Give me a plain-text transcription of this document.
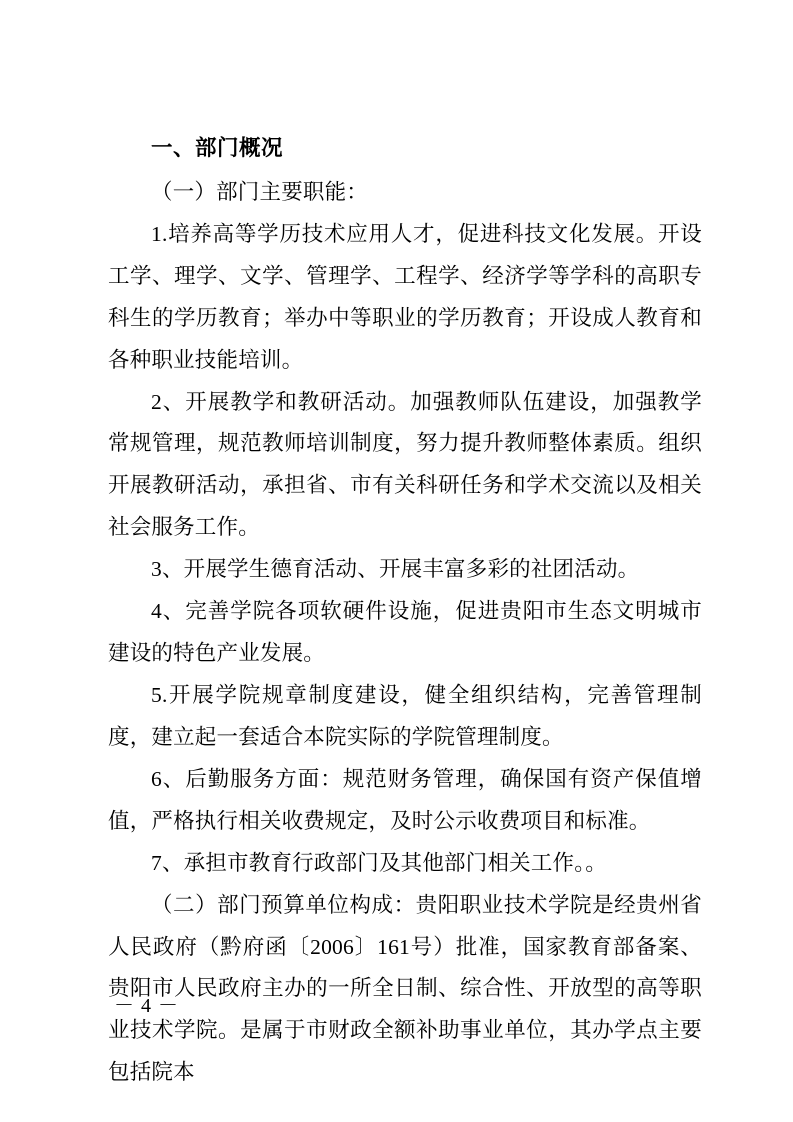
一、部门概况

（一）部门主要职能：

1.培养高等学历技术应用人才，促进科技文化发展。开设工学、理学、文学、管理学、工程学、经济学等学科的高职专科生的学历教育；举办中等职业的学历教育；开设成人教育和各种职业技能培训。

2、开展教学和教研活动。加强教师队伍建设，加强教学常规管理，规范教师培训制度，努力提升教师整体素质。组织开展教研活动，承担省、市有关科研任务和学术交流以及相关社会服务工作。

3、开展学生德育活动、开展丰富多彩的社团活动。

4、完善学院各项软硬件设施，促进贵阳市生态文明城市建设的特色产业发展。

5.开展学院规章制度建设，健全组织结构，完善管理制度，建立起一套适合本院实际的学院管理制度。

6、后勤服务方面：规范财务管理，确保国有资产保值增值，严格执行相关收费规定，及时公示收费项目和标准。

7、承担市教育行政部门及其他部门相关工作。。

（二）部门预算单位构成：贵阳职业技术学院是经贵州省人民政府（黔府函〔2006〕161号）批准，国家教育部备案、贵阳市人民政府主办的一所全日制、综合性、开放型的高等职业技术学院。是属于市财政全额补助事业单位，其办学点主要包括院本

－ 4 －
